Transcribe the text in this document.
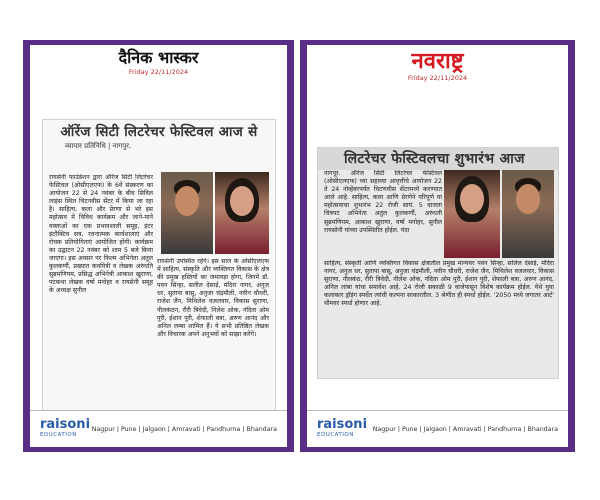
दैनिक भास्कर
Friday 22/11/2024
ऑरेंज सिटी लिटरेचर फेस्टिवल आज से
व्यापार प्रतिनिधि | नागपुर.
रायसेनी फाउंडेशन द्वारा ऑरेंज सिटी लिटरेचर फेस्टिवल (ओसीएलएफ) के 6वें संस्करण का आयोजन 22 से 24 नवंबर के बीच सिविल लाइंस स्थित चिटनवीस सेंटर में किया जा रहा है। साहित्य, कला और प्रेरणा से भरे इस महोत्सव में विविध कार्यक्रम और जाने-माने वक्ताओं का एक प्रभावशाली समूह, इंटर इंटरैक्टिव सत्र, रचनात्मक कार्यशालाएं और रोचक प्रतियोगिताएं आयोजित होंगी। कार्यक्रम का उद्घाटन 22 नवंबर को शाम 5 बजे किया जाएगा। इस अवसर पर फिल्म अभिनेता अतुल कुलकर्णी, प्रख्यात कवयित्री व लेखक अरुंधति सुब्रमणियम, प्रसिद्ध अभिनेत्री आकाश खुराणा, पटकथा लेखक वर्षा मनोहर व रायसेनी समूह के अध्यक्ष सुनील
रायसेनी उपस्थित रहेंगे। इस साल के ओसीएलएफ में साहित्य, संस्कृति और व्यक्तिगत विकास के क्षेत्र की प्रमुख हस्तियों का जमावड़ा होगा, जिनमें डॉ. पवन सिन्हा, सलील देसाई, मंदिरा नागर, अनुज धर, सुतापा बासु, अनुजा चंद्रमौली, नवीन चौधरी, राजेश जैन, मिथिलेश वजलवार, विकास सुराणा, नीलकंठन, रौरी त्रिवेदी, निलेश ओक, नंदिता ओम पुरी, ईशान पुरी, शेफाली बत्रा, अरुण आनंद और अनिल लम्बा शामिल हैं। ये सभी प्रतिष्ठित लेखक और विचारक अपने अनुभवों को साझा करेंगे।
raisoni
EDUCATION
Nagpur | Pune | Jalgaon | Amravati | Pandhurna | Bhandara
नवराष्ट्र
Friday 22/11/2024
लिटरेचर फेस्टिवलचा शुभारंभ आज
नागपूर. ऑरेंज सिटी लिटरेचर फेस्टिवल (ओसीएलएफ) च्या सहाव्या आवृत्तीचे आयोजन 22 ते 24 नोव्हेंबरपर्यंत चिटणवीस सेंटरमध्ये करण्यात आले आहे. साहित्य, कला आणि प्रेरणेने परिपूर्ण या महोत्सवाचा शुभारंभ 22 रोजी सायं. 5 वाजता चित्रपट अभिनेता अतुल कुलकर्णी, अरुंधती सुब्रमणियम, आकाश खुराणा, वर्षा मनोहर, सुनील रायसोनी यांच्या उपस्थितीत होईल. यंदा
साहित्य, संस्कृती आणि व्यक्तिगत विकास क्षेत्रातील प्रमुख मान्यवर पवन सिन्हा, सलिल देसाई, मंदिरा नागर, अनुज धर, सुतापा बासू, अनुजा चंद्रमौली, नवीन चौधरी, राजेश जैन, मिथिलेश वजलवार, विकास सुराणा, नीलकंठ, रौरी त्रिवेदी, नीलेश ओक, नंदिता ओम पुरी, ईशान पुरी, शेफाली बत्रा, अरुण आनंद, अनिल लांबा यांचा समावेश आहे. 24 रोजी सकाळी 9 वाजेपासून विशेष कार्यक्रम होईल. येथे युवा कलाकार ड्रॉइंग स्पर्धेत त्यांची कल्पना साकारतील. 3 श्रेणीत ही स्पर्धा होईल. '2050 मध्ये जगातर आर्ट' थीमवर स्पर्धा होणार आहे.
raisoni
EDUCATION
Nagpur | Pune | Jalgaon | Amravati | Pandhurna | Bhandara
